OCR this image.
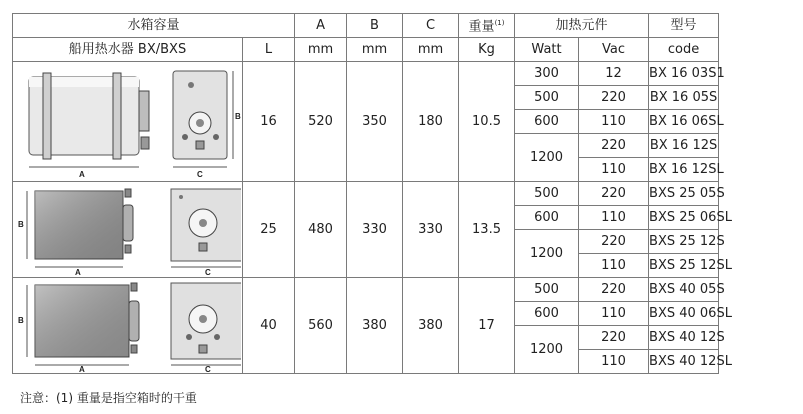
水箱容量		A	B	C	重量$^{(1)}$	加热元件		型号
船用热水器 BX/BXS	L	mm	mm	mm	Kg	Watt	Vac	code

A
B
C	16	520	350	180	10.5	300	12	BX 16 03S1
						500	220	BX 16 05S
						600	110	BX 16 06SL
						1200	220	BX 16 12S
							110	BX 16 12SL

B
A C	25	480	330	330	13.5	500	220	BXS 25 05S
						600	110	BXS 25 06SL
						1200	220	BXS 25 12S
							110	BXS 25 12SL

B
A C	40	560	380	380	17	500	220	BXS 40 05S
						600	110	BXS 40 06SL
						1200	220	BXS 40 12S
							110	BXS 40 12SL
注意：(1) 重量是指空箱时的干重
